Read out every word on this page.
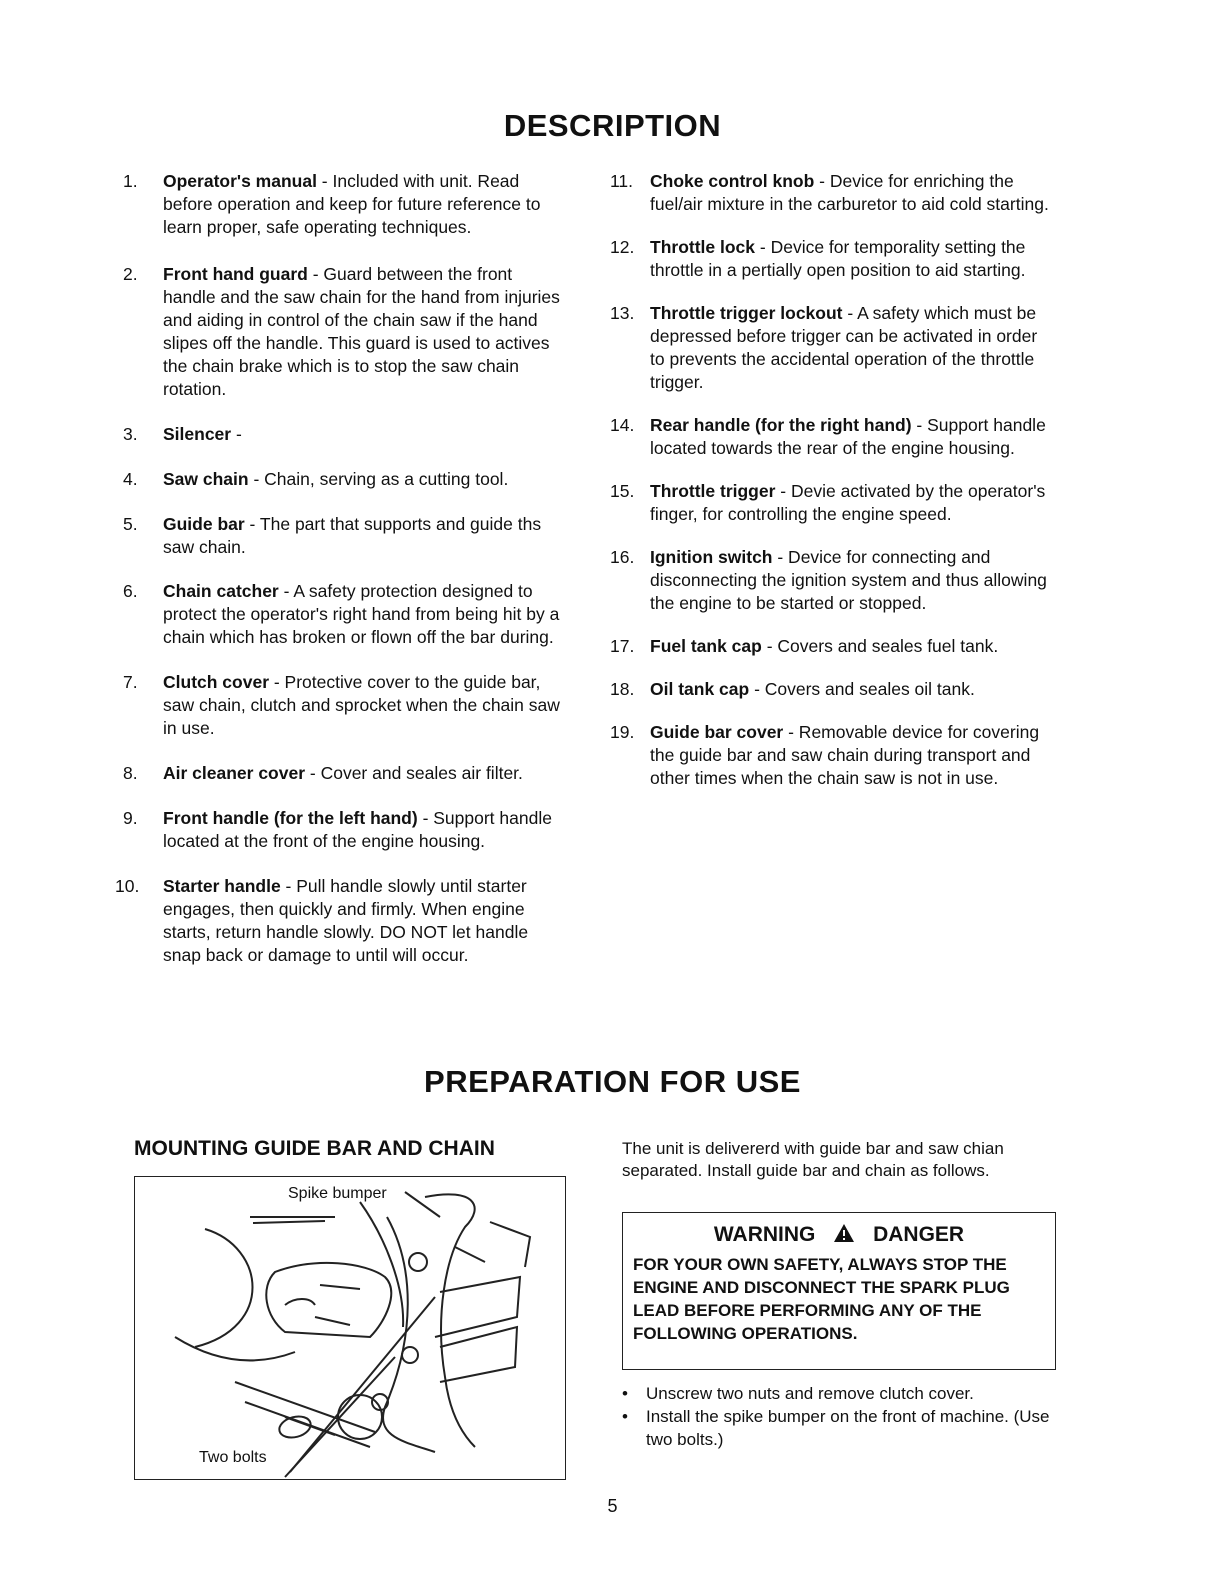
DESCRIPTION

1. Operator's manual - Included with unit. Read before operation and keep for future reference to learn proper, safe operating techniques.

2. Front hand guard - Guard between the front handle and the saw chain for the hand from injuries and aiding in control of the chain saw if the hand slipes off the handle. This guard is used to actives the chain brake which is to stop the saw chain rotation.

3. Silencer -

4. Saw chain - Chain, serving as a cutting tool.

5. Guide bar - The part that supports and guide ths saw chain.

6. Chain catcher - A safety protection designed to protect the operator's right hand from being hit by a chain which has broken or flown off the bar during.

7. Clutch cover - Protective cover to the guide bar, saw chain, clutch and sprocket when the chain saw in use.

8. Air cleaner cover - Cover and seales air filter.

9. Front handle (for the left hand) - Support handle located at the front of the engine housing.

10. Starter handle - Pull handle slowly until starter engages, then quickly and firmly. When engine starts, return handle slowly. DO NOT let handle snap back or damage to until will occur.

11. Choke control knob - Device for enriching the fuel/air mixture in the carburetor to aid cold starting.

12. Throttle lock - Device for temporality setting the throttle in a pertially open position to aid starting.

13. Throttle trigger lockout - A safety which must be depressed before trigger can be activated in order to prevents the accidental operation of the throttle trigger.

14. Rear handle (for the right hand) - Support handle located towards the rear of the engine housing.

15. Throttle trigger - Devie activated by the operator's finger, for controlling the engine speed.

16. Ignition switch - Device for connecting and disconnecting the ignition system and thus allowing the engine to be started or stopped.

17. Fuel tank cap - Covers and seales fuel tank.

18. Oil tank cap - Covers and seales oil tank.

19. Guide bar cover - Removable device for covering the guide bar and saw chain during transport and other times when the chain saw is not in use.

PREPARATION FOR USE
MOUNTING GUIDE BAR AND CHAIN
Spike bumper
Two bolts
The unit is delivererd with guide bar and saw chian separated. Install guide bar and chain as follows.
WARNING	DANGER
FOR YOUR OWN SAFETY, ALWAYS STOP THE ENGINE AND DISCONNECT THE SPARK PLUG LEAD BEFORE PERFORMING ANY OF THE FOLLOWING OPERATIONS.
• Unscrew two nuts and remove clutch cover.
• Install the spike bumper on the front of machine. (Use two bolts.)
5
